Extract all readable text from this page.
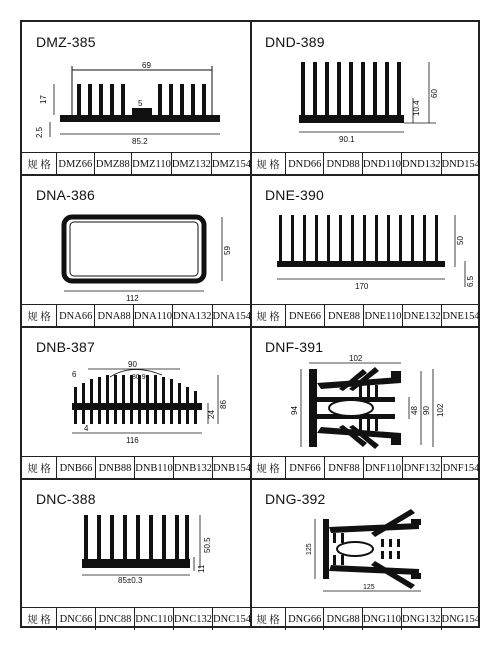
DMZ-385
69
17	5
2.5
85.2
规 格 DMZ66 DMZ88 DMZ110 DMZ132 DMZ154
DND-389
10.4
60
90.1
规 格 DND66 DND88 DND110 DND132 DND154
DNA-386
59
112
规 格 DNA66 DNA88 DNA110 DNA132 DNA154
DNE-390
50
6.5
170
规 格 DNE66 DNE88 DNE110 DNE132 DNE154
DNB-387
90
6	80.9
86
24
4
116
规 格 DNB66 DNB88 DNB110 DNB132 DNB154
DNF-391
102
94	48 90 102
规 格 DNF66 DNF88 DNF110 DNF132 DNF154
DNC-388
50.5
11
85±0.3
规 格 DNC66 DNC88 DNC110 DNC132 DNC154
DNG-392
125
125
规 格 DNG66 DNG88 DNG110 DNG132 DNG154
